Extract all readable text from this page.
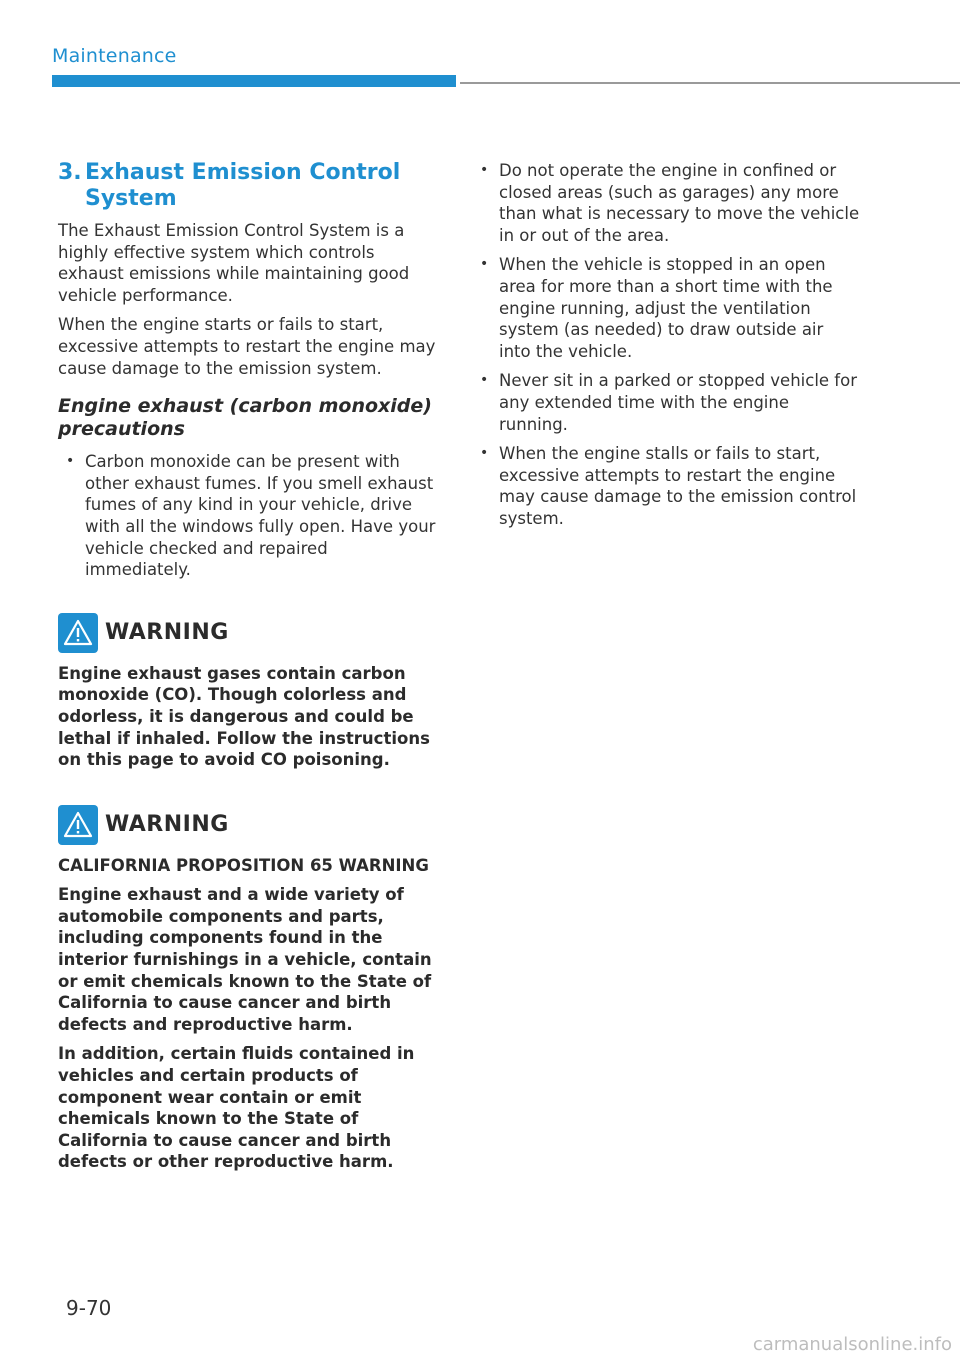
Maintenance
3. Exhaust Emission Control System

The Exhaust Emission Control System is a highly effective system which controls exhaust emissions while maintaining good vehicle performance.

When the engine starts or fails to start, excessive attempts to restart the engine may cause damage to the emission system.

Engine exhaust (carbon monoxide) precautions
• Carbon monoxide can be present with other exhaust fumes. If you smell exhaust fumes of any kind in your vehicle, drive with all the windows fully open. Have your vehicle checked and repaired immediately.
WARNING

Engine exhaust gases contain carbon monoxide (CO). Though colorless and odorless, it is dangerous and could be lethal if inhaled. Follow the instructions on this page to avoid CO poisoning.

WARNING

CALIFORNIA PROPOSITION 65 WARNING

Engine exhaust and a wide variety of automobile components and parts, including components found in the interior furnishings in a vehicle, contain or emit chemicals known to the State of California to cause cancer and birth defects and reproductive harm.

In addition, certain fluids contained in vehicles and certain products of component wear contain or emit chemicals known to the State of California to cause cancer and birth defects or other reproductive harm.

• Do not operate the engine in confined or closed areas (such as garages) any more than what is necessary to move the vehicle in or out of the area.
• When the vehicle is stopped in an open area for more than a short time with the engine running, adjust the ventilation system (as needed) to draw outside air into the vehicle.
• Never sit in a parked or stopped vehicle for any extended time with the engine running.
• When the engine stalls or fails to start, excessive attempts to restart the engine may cause damage to the emission control system.
9-70
carmanualsonline.info
